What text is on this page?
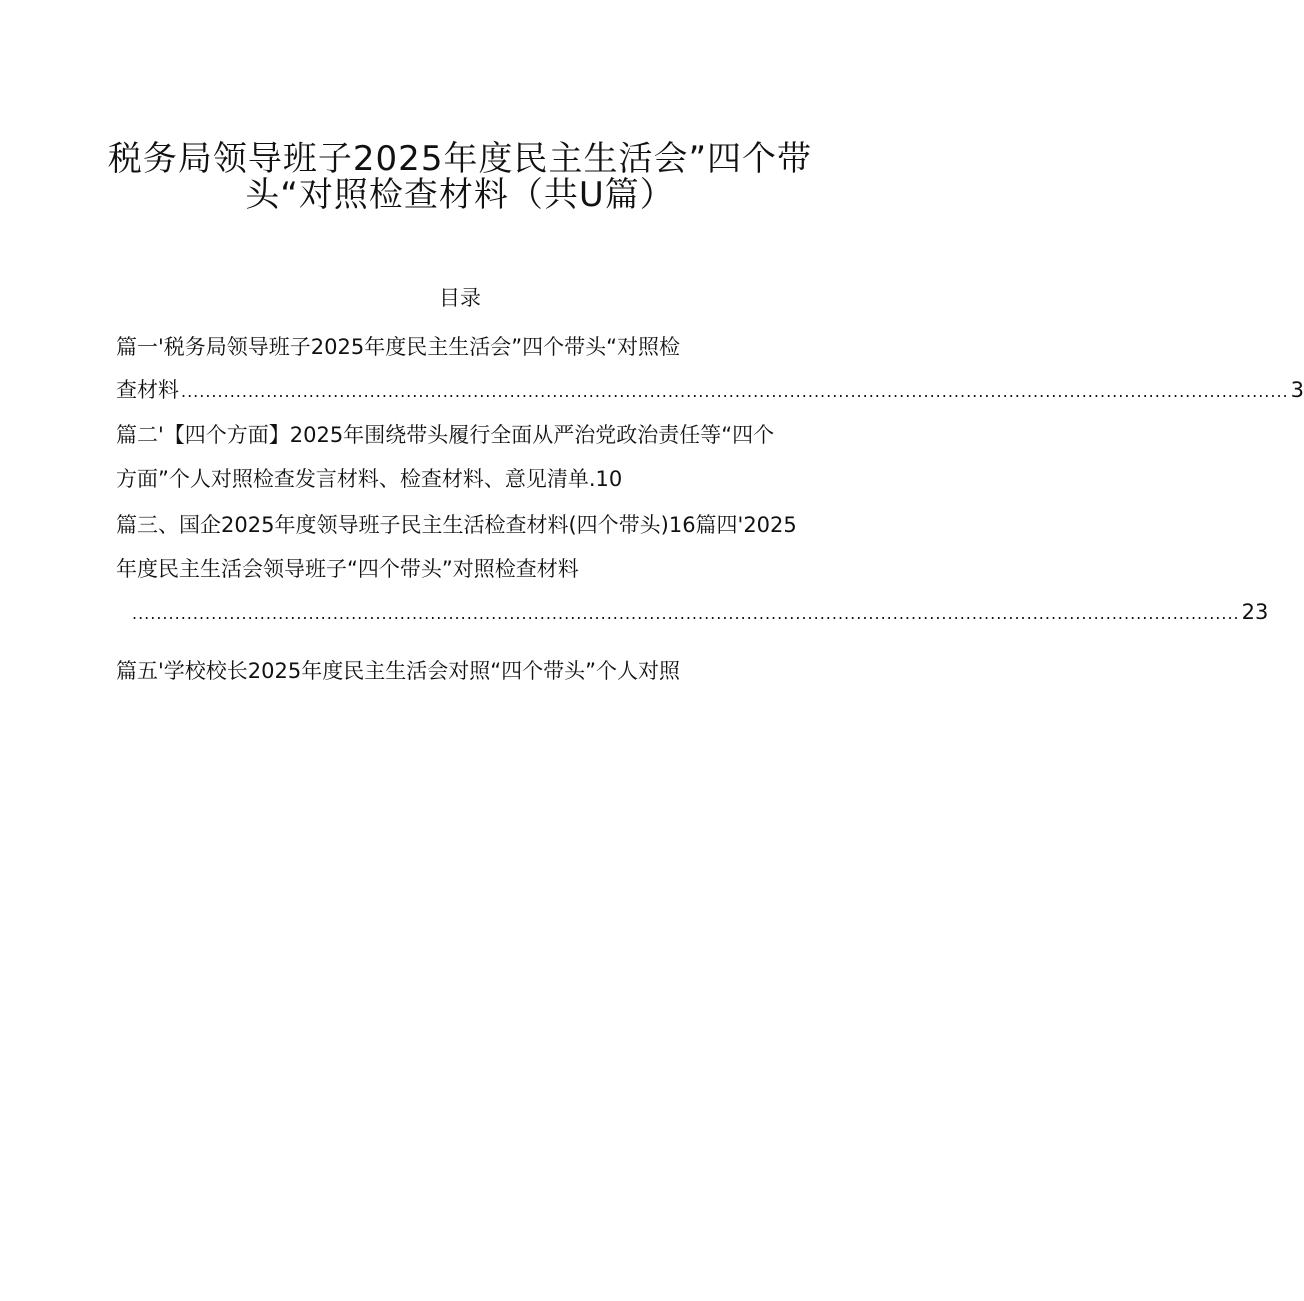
税务局领导班子2025年度民主生活会”四个带
头“对照检查材料（共U篇）
目录
篇一'税务局领导班子2025年度民主生活会”四个带头“对照检
查材料 ...................................................................................................................................................................................... 3
篇二'【四个方面】2025年围绕带头履行全面从严治党政治责任等“四个
方面”个人对照检查发言材料、检查材料、意见清单.10
篇三、国企2025年度领导班子民主生活检查材料(四个带头)16篇四'2025
年度民主生活会领导班子“四个带头”对照检查材料
...................................................................................................................................................................................... 23
篇五'学校校长2025年度民主生活会对照“四个带头”个人对照
